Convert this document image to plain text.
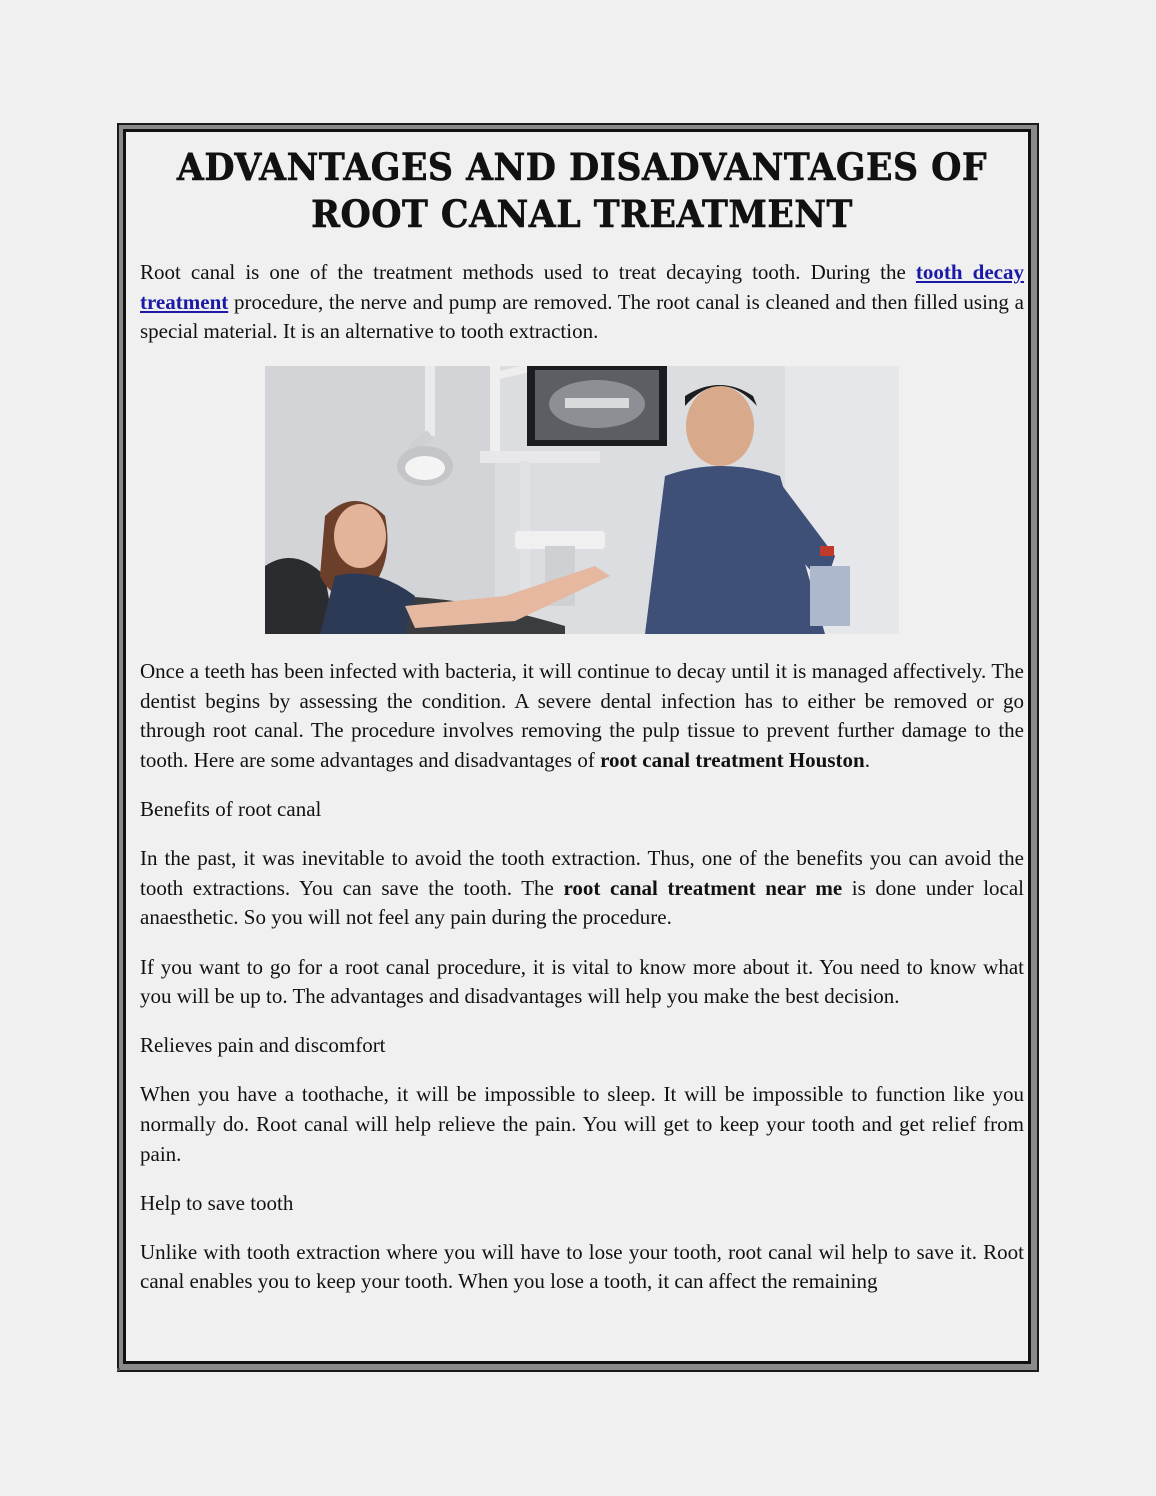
ADVANTAGES AND DISADVANTAGES OF ROOT CANAL TREATMENT

Root canal is one of the treatment methods used to treat decaying tooth. During the tooth decay treatment procedure, the nerve and pump are removed. The root canal is cleaned and then filled using a special material. It is an alternative to tooth extraction.

Once a teeth has been infected with bacteria, it will continue to decay until it is managed affectively. The dentist begins by assessing the condition. A severe dental infection has to either be removed or go through root canal. The procedure involves removing the pulp tissue to prevent further damage to the tooth. Here are some advantages and disadvantages of root canal treatment Houston.

Benefits of root canal

In the past, it was inevitable to avoid the tooth extraction. Thus, one of the benefits you can avoid the tooth extractions. You can save the tooth. The root canal treatment near me is done under local anaesthetic. So you will not feel any pain during the procedure.

If you want to go for a root canal procedure, it is vital to know more about it. You need to know what you will be up to. The advantages and disadvantages will help you make the best decision.

Relieves pain and discomfort

When you have a toothache, it will be impossible to sleep. It will be impossible to function like you normally do. Root canal will help relieve the pain. You will get to keep your tooth and get relief from pain.

Help to save tooth

Unlike with tooth extraction where you will have to lose your tooth, root canal wil help to save it. Root canal enables you to keep your tooth. When you lose a tooth, it can affect the remaining
